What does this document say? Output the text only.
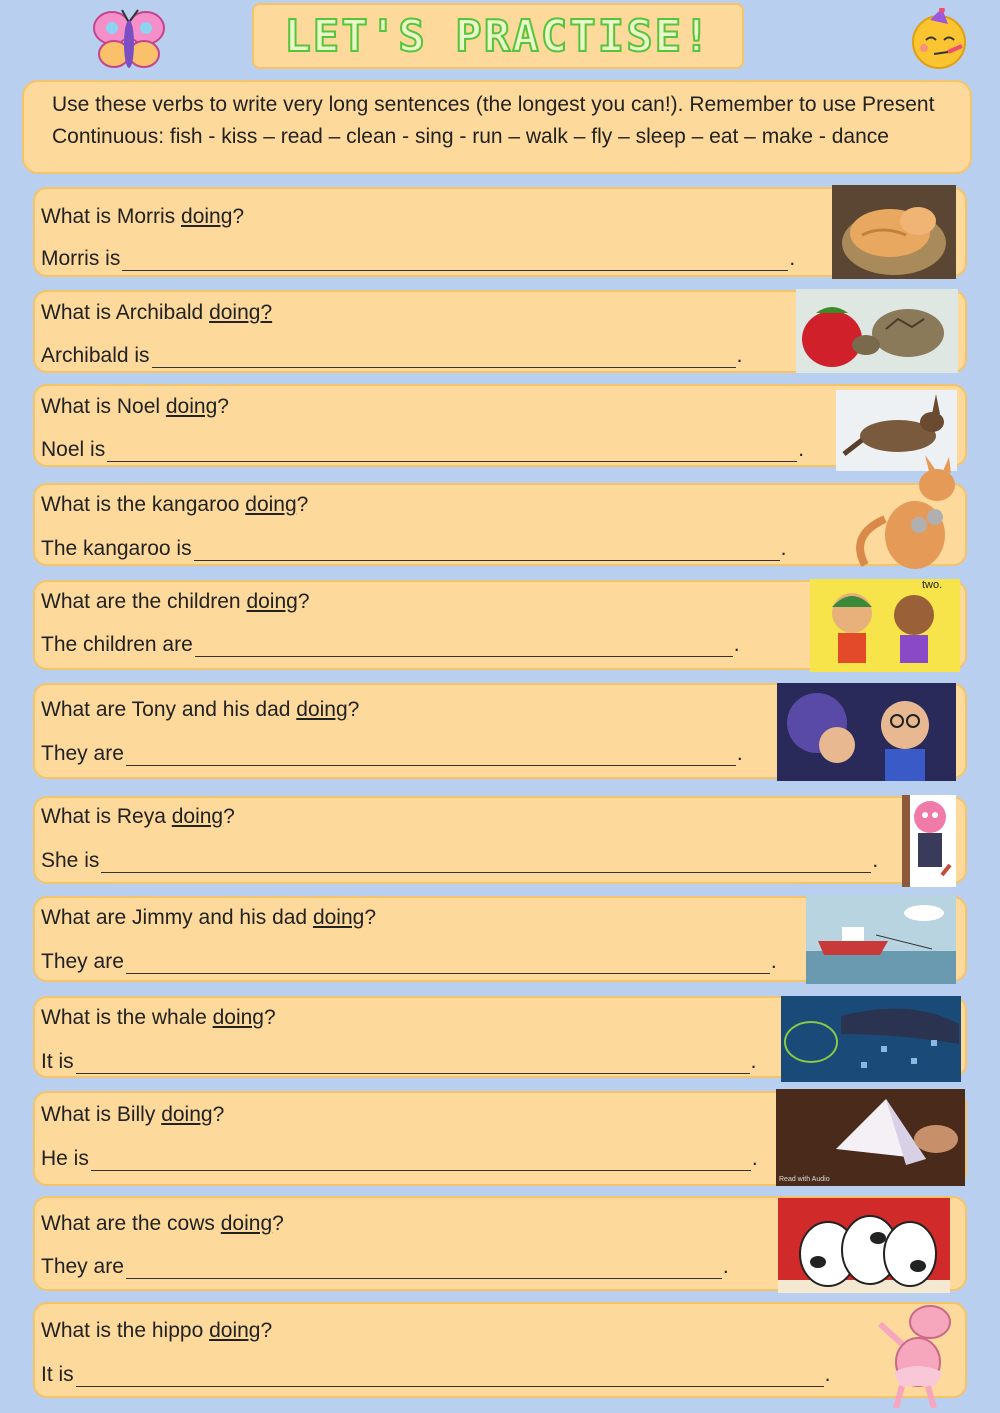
LET'S PRACTISE!
Use these verbs to write very long sentences (the longest you can!). Remember to use Present Continuous: fish - kiss – read – clean - sing - run – walk – fly – sleep – eat – make - dance
What is Morris doing?
Morris is	.
What is Archibald doing?
Archibald is	.
What is Noel doing?
Noel is	.
What is the kangaroo doing?
The kangaroo is	.
What are the children doing?
The children are	.
two.
What are Tony and his dad doing?
They are	.
What is Reya doing?
She is	.
What are Jimmy and his dad doing?
They are	.
What is the whale doing?
It is	.
What is Billy doing?
He is	.
Read with Audio
What are the cows doing?
They are	.
What is the hippo doing?
It is	.
